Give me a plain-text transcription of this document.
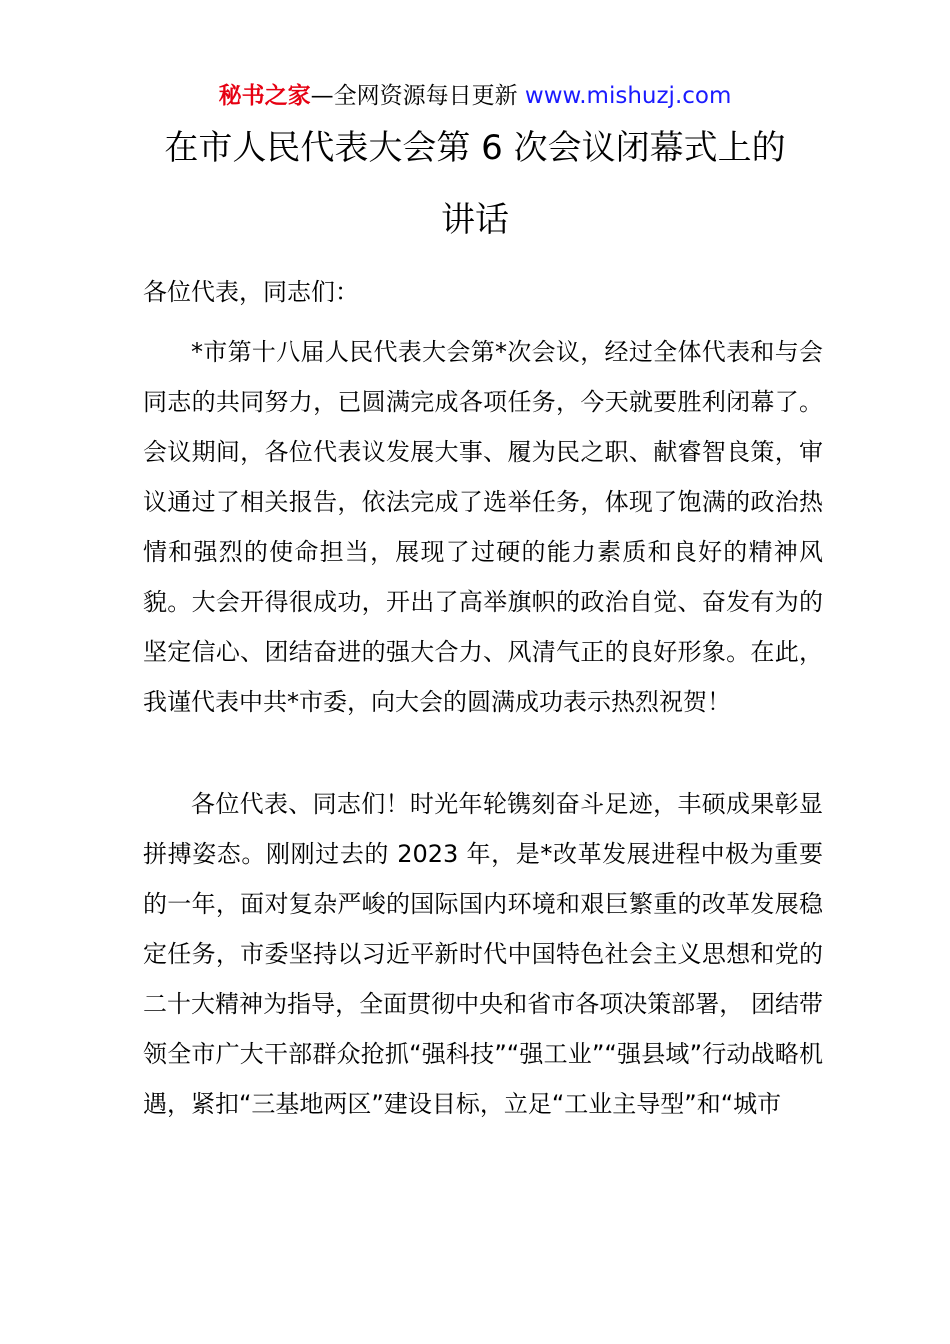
秘书之家—全网资源每日更新 www.mishuzj.com
在市人民代表大会第 6 次会议闭幕式上的
讲话
各位代表，同志们：

*市第十八届人民代表大会第*次会议，经过全体代表和与会同志的共同努力，已圆满完成各项任务，今天就要胜利闭幕了。会议期间，各位代表议发展大事、履为民之职、献睿智良策，审议通过了相关报告，依法完成了选举任务，体现了饱满的政治热情和强烈的使命担当，展现了过硬的能力素质和良好的精神风貌。大会开得很成功，开出了高举旗帜的政治自觉、奋发有为的坚定信心、团结奋进的强大合力、风清气正的良好形象。在此，我谨代表中共*市委，向大会的圆满成功表示热烈祝贺！

各位代表、同志们！时光年轮镌刻奋斗足迹，丰硕成果彰显拼搏姿态。刚刚过去的 2023 年，是*改革发展进程中极为重要的一年，面对复杂严峻的国际国内环境和艰巨繁重的改革发展稳定任务，市委坚持以习近平新时代中国特色社会主义思想和党的二十大精神为指导，全面贯彻中央和省市各项决策部署， 团结带领全市广大干部群众抢抓“强科技”“强工业”“强县域”行动战略机遇，紧扣“三基地两区”建设目标，立足“工业主导型”和“城市
